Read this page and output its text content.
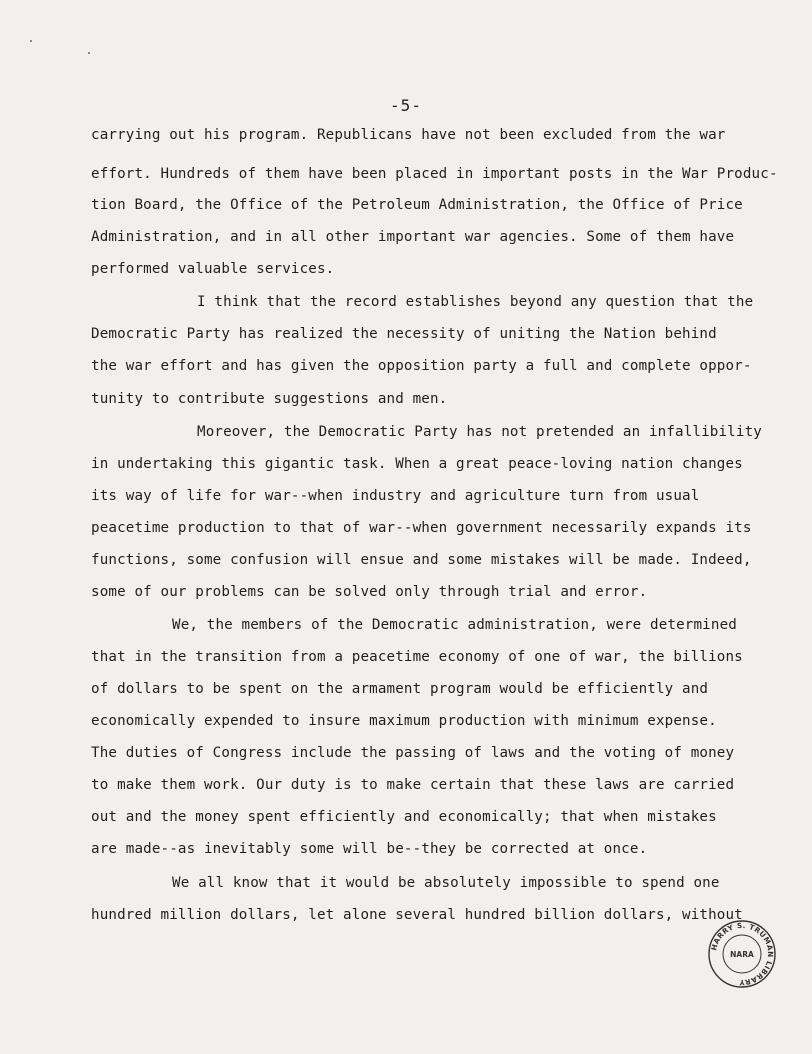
-5-
carrying out his program. Republicans have not been excluded from the war
effort. Hundreds of them have been placed in important posts in the War Produc-
tion Board, the Office of the Petroleum Administration, the Office of Price
Administration, and in all other important war agencies. Some of them have
performed valuable services.
I think that the record establishes beyond any question that the
Democratic Party has realized the necessity of uniting the Nation behind
the war effort and has given the opposition party a full and complete oppor-
tunity to contribute suggestions and men.
Moreover, the Democratic Party has not pretended an infallibility
in undertaking this gigantic task. When a great peace-loving nation changes
its way of life for war--when industry and agriculture turn from usual
peacetime production to that of war--when government necessarily expands its
functions, some confusion will ensue and some mistakes will be made. Indeed,
some of our problems can be solved only through trial and error.
We, the members of the Democratic administration, were determined
that in the transition from a peacetime economy of one of war, the billions
of dollars to be spent on the armament program would be efficiently and
economically expended to insure maximum production with minimum expense.
The duties of Congress include the passing of laws and the voting of money
to make them work. Our duty is to make certain that these laws are carried
out and the money spent efficiently and economically; that when mistakes
are made--as inevitably some will be--they be corrected at once.
We all know that it would be absolutely impossible to spend one
hundred million dollars, let alone several hundred billion dollars, without
HARRY S. TRUMAN LIBRARY
NARA
